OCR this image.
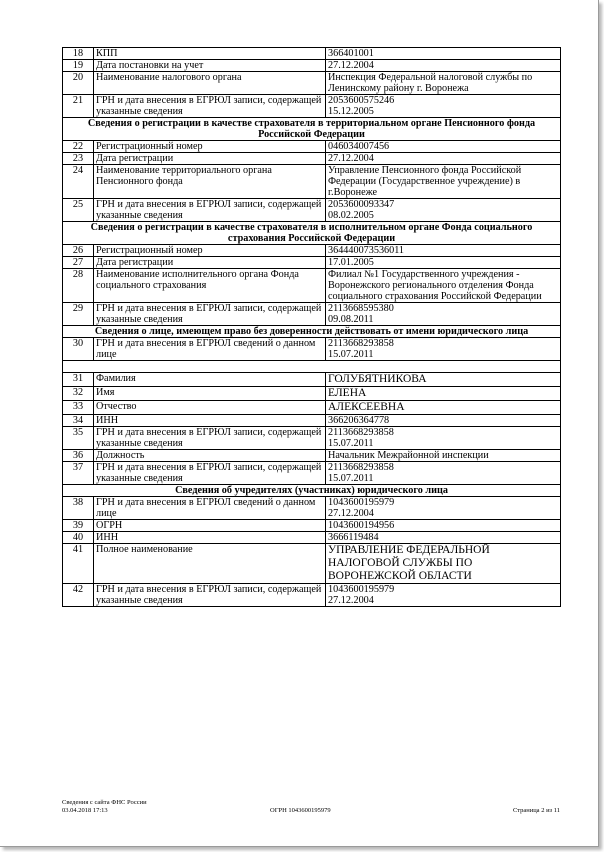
18	КПП	366401001
19	Дата постановки на учет	27.12.2004
20	Наименование налогового органа	Инспекция Федеральной налоговой службы по Ленинскому району г. Воронежа
21	ГРН и дата внесения в ЕГРЮЛ записи, содержащей указанные сведения	2053600575246
15.12.2005
Сведения о регистрации в качестве страхователя в территориальном органе Пенсионного фонда Российской Федерации		
22	Регистрационный номер	046034007456
23	Дата регистрации	27.12.2004
24	Наименование территориального органа Пенсионного фонда	Управление Пенсионного фонда Российской Федерации (Государственное учреждение) в г.Воронеже
25	ГРН и дата внесения в ЕГРЮЛ записи, содержащей указанные сведения	2053600093347
08.02.2005
Сведения о регистрации в качестве страхователя в исполнительном органе Фонда социального страхования Российской Федерации		
26	Регистрационный номер	364440073536011
27	Дата регистрации	17.01.2005
28	Наименование исполнительного органа Фонда социального страхования	Филиал №1 Государственного учреждения - Воронежского регионального отделения Фонда социального страхования Российской Федерации
29	ГРН и дата внесения в ЕГРЮЛ записи, содержащей указанные сведения	2113668595380
09.08.2011
Сведения о лице, имеющем право без доверенности действовать от имени юридического лица		
30	ГРН и дата внесения в ЕГРЮЛ сведений о данном лице	2113668293858
15.07.2011

31	Фамилия	ГОЛУБЯТНИКОВА
32	Имя	ЕЛЕНА
33	Отчество	АЛЕКСЕЕВНА
34	ИНН	366206364778
35	ГРН и дата внесения в ЕГРЮЛ записи, содержащей указанные сведения	2113668293858
15.07.2011
36	Должность	Начальник Межрайонной инспекции
37	ГРН и дата внесения в ЕГРЮЛ записи, содержащей указанные сведения	2113668293858
15.07.2011
Сведения об учредителях (участниках) юридического лица		
38	ГРН и дата внесения в ЕГРЮЛ сведений о данном лице	1043600195979
27.12.2004
39	ОГРН	1043600194956
40	ИНН	3666119484
41	Полное наименование	УПРАВЛЕНИЕ ФЕДЕРАЛЬНОЙ НАЛОГОВОЙ СЛУЖБЫ ПО ВОРОНЕЖСКОЙ ОБЛАСТИ
42	ГРН и дата внесения в ЕГРЮЛ записи, содержащей указанные сведения	1043600195979
27.12.2004
Сведения с сайта ФНС России
03.04.2018 17:13	ОГРН 1043600195979	Страница 2 из 11
